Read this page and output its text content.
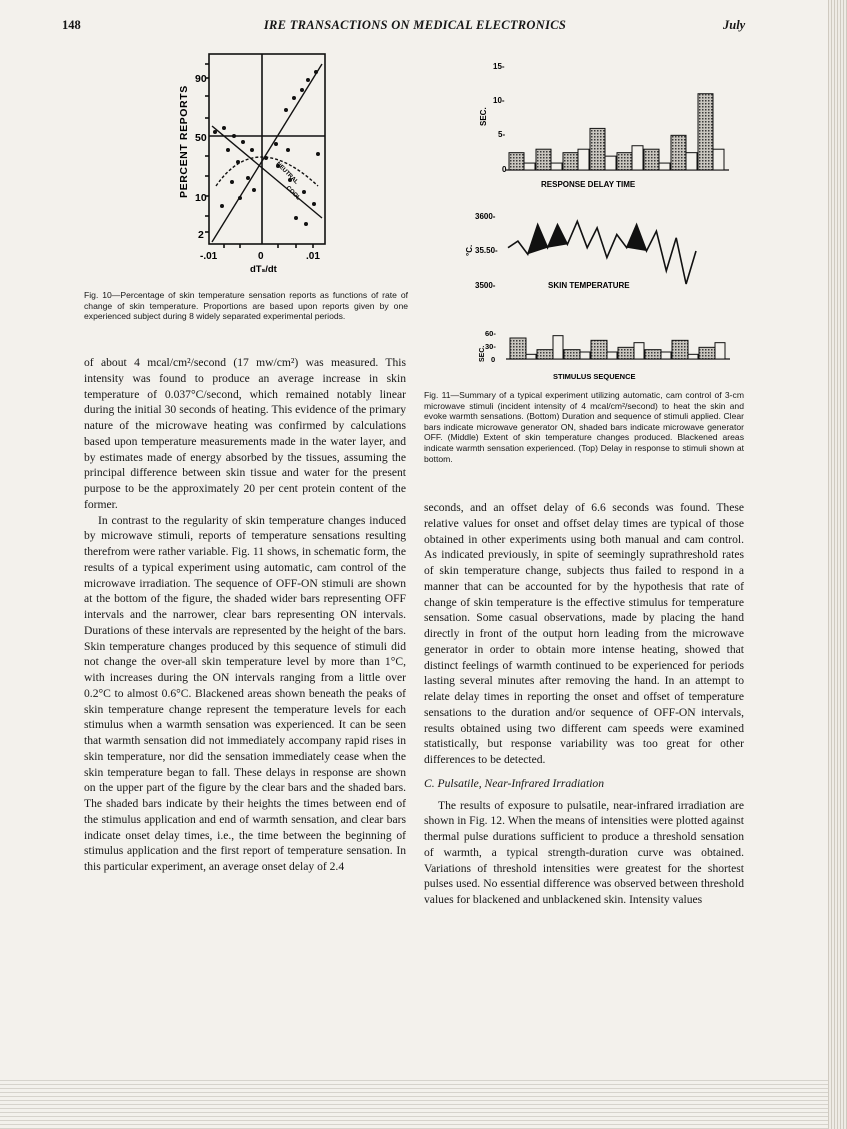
148	IRE TRANSACTIONS ON MEDICAL ELECTRONICS	July
PERCENT REPORTS
90
50
10
2
NEUTRAL
COOL
-.01	0	.01
dTₛ/dt
Fig. 10—Percentage of skin temperature sensation reports as functions of rate of change of skin temperature. Proportions are based upon reports given by one experienced subject during 8 widely separated experimental periods.
SEC.
15-
10-
5-
0
RESPONSE DELAY TIME
°C.
3600-
35.50-
3500-	SKIN TEMPERATURE
SEC.
60-
30-
0
STIMULUS SEQUENCE
Fig. 11—Summary of a typical experiment utilizing automatic, cam control of 3-cm microwave stimuli (incident intensity of 4 mcal/cm²/second) to heat the skin and evoke warmth sensations. (Bottom) Duration and sequence of stimuli applied. Clear bars indicate microwave generator ON, shaded bars indicate microwave generator OFF. (Middle) Extent of skin temperature changes produced. Blackened areas indicate warmth sensation experienced. (Top) Delay in response to stimuli shown at bottom.

of about 4 mcal/cm²/second (17 mw/cm²) was measured. This intensity was found to produce an average increase in skin temperature of 0.037°C/second, which remained notably linear during the initial 30 seconds of heating. This evidence of the primary nature of the microwave heating was confirmed by calculations based upon temperature measurements made in the water layer, and by estimates made of energy absorbed by the tissues, assuming the principal difference between skin tissue and water for the present purpose to be the approximately 20 per cent protein content of the former.

In contrast to the regularity of skin temperature changes induced by microwave stimuli, reports of temperature sensations resulting therefrom were rather variable. Fig. 11 shows, in schematic form, the results of a typical experiment using automatic, cam control of the microwave irradiation. The sequence of OFF-ON stimuli are shown at the bottom of the figure, the shaded wider bars representing OFF intervals and the narrower, clear bars representing ON intervals. Durations of these intervals are represented by the height of the bars. Skin temperature changes produced by this sequence of stimuli did not change the over-all skin temperature level by more than 1°C, with increases during the ON intervals ranging from a little over 0.2°C to almost 0.6°C. Blackened areas shown beneath the peaks of skin temperature change represent the temperature levels for each stimulus when a warmth sensation was experienced. It can be seen that warmth sensation did not immediately accompany rapid rises in skin temperature, nor did the sensation immediately cease when the skin temperature began to fall. These delays in response are shown on the upper part of the figure by the clear bars and the shaded bars. The shaded bars indicate by their heights the times between end of the stimulus application and end of warmth sensation, and clear bars indicate onset delay times, i.e., the time between the beginning of stimulus application and the first report of temperature sensation. In this particular experiment, an average onset delay of 2.4

seconds, and an offset delay of 6.6 seconds was found. These relative values for onset and offset delay times are typical of those obtained in other experiments using both manual and cam control. As indicated previously, in spite of seemingly suprathreshold rates of skin temperature change, subjects thus failed to respond in a manner that can be accounted for by the hypothesis that rate of change of skin temperature is the effective stimulus for temperature sensation. Some casual observations, made by placing the hand directly in front of the output horn leading from the microwave generator in order to obtain more intense heating, showed that distinct feelings of warmth continued to be experienced for periods lasting several minutes after removing the hand. In an attempt to relate delay times in reporting the onset and offset of temperature sensations to the duration and/or sequence of OFF-ON intervals, results obtained using two different cam speeds were examined statistically, but response variability was too great for other differences to be detected.

C. Pulsatile, Near-Infrared Irradiation

The results of exposure to pulsatile, near-infrared irradiation are shown in Fig. 12. When the means of intensities were plotted against thermal pulse durations sufficient to produce a threshold sensation of warmth, a typical strength-duration curve was obtained. Variations of threshold intensities were greatest for the shortest pulses used. No essential difference was observed between threshold values for blackened and unblackened skin. Intensity values
